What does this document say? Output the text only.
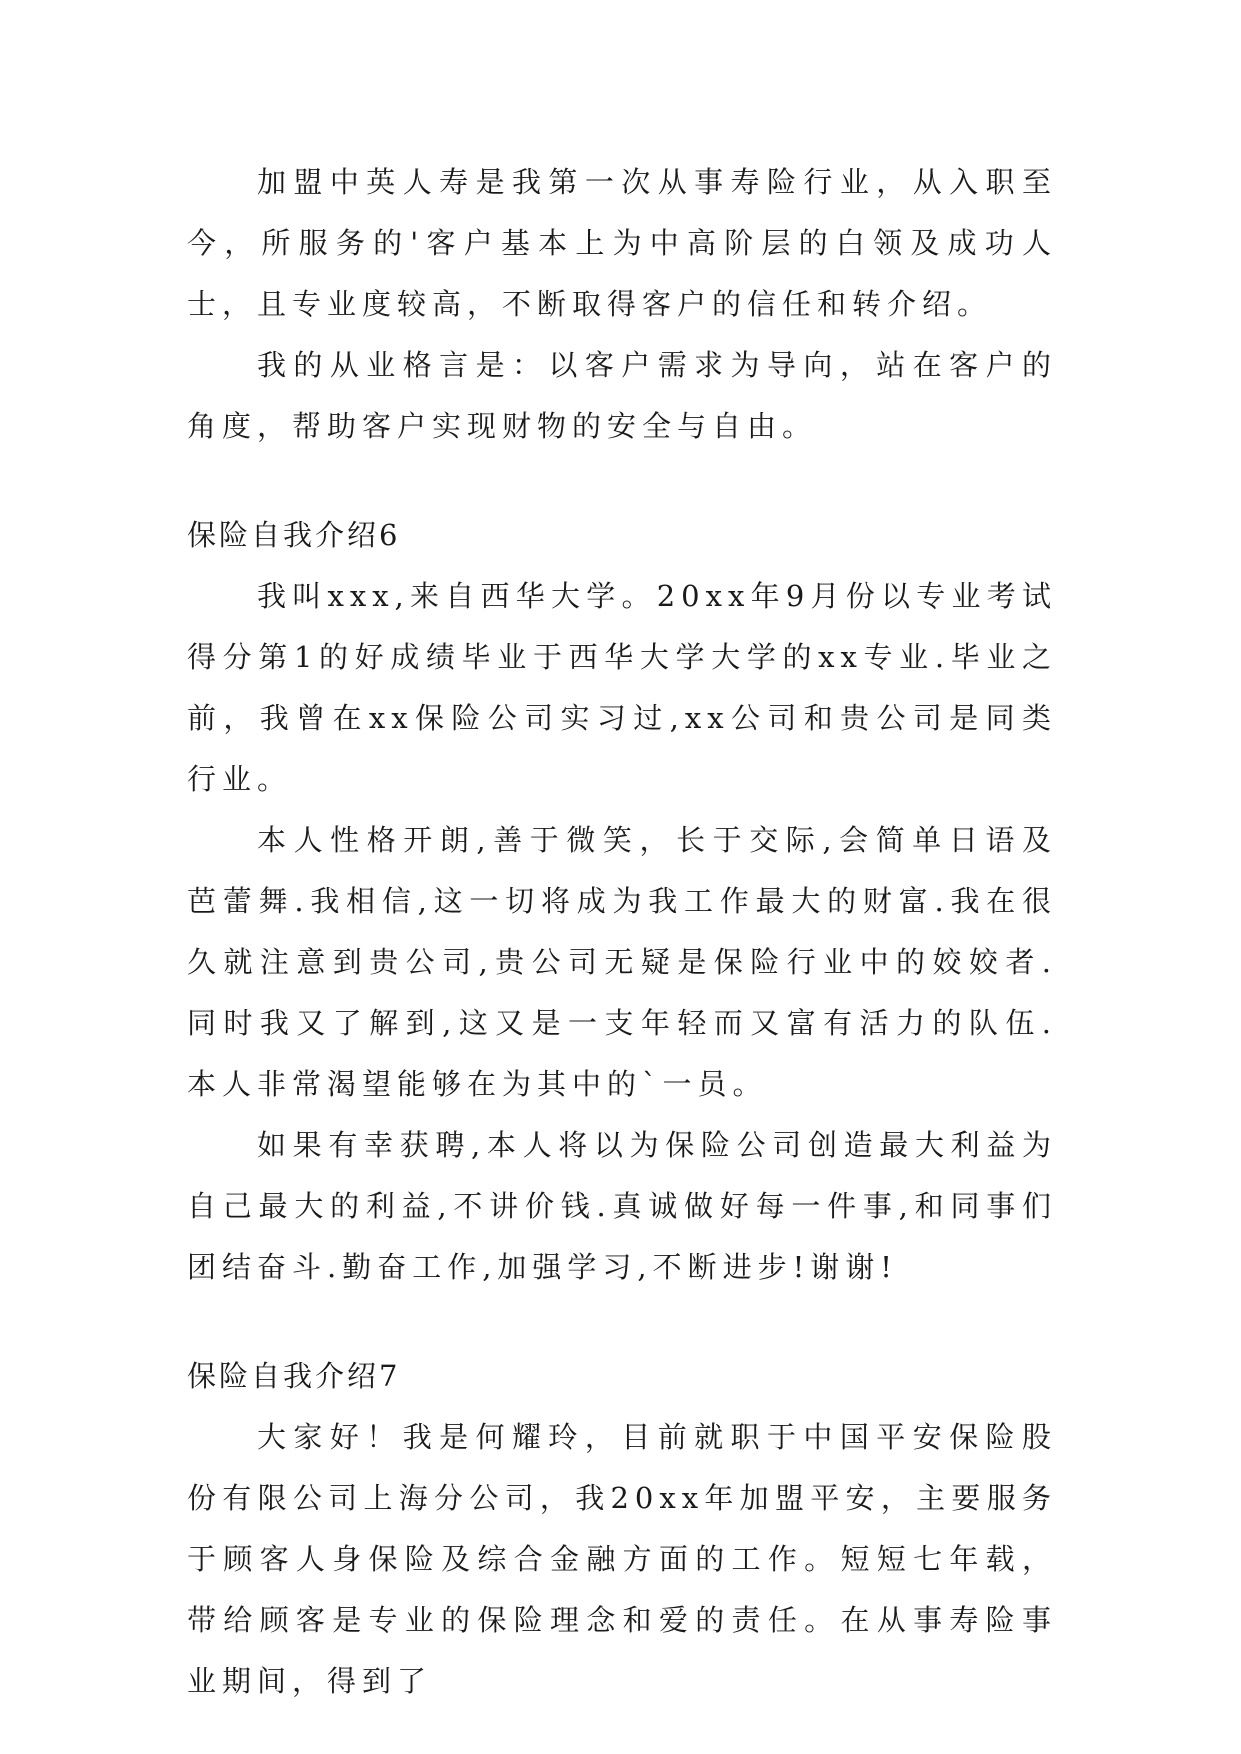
加盟中英人寿是我第一次从事寿险行业，从入职至今，所服务的'客户基本上为中高阶层的白领及成功人士，且专业度较高，不断取得客户的信任和转介绍。

我的从业格言是：以客户需求为导向，站在客户的角度，帮助客户实现财物的安全与自由。

保险自我介绍6

我叫xxx,来自西华大学。20xx年9月份以专业考试得分第1的好成绩毕业于西华大学大学的xx专业.毕业之前，我曾在xx保险公司实习过,xx公司和贵公司是同类行业。

本人性格开朗,善于微笑，长于交际,会简单日语及芭蕾舞.我相信,这一切将成为我工作最大的财富.我在很久就注意到贵公司,贵公司无疑是保险行业中的姣姣者.同时我又了解到,这又是一支年轻而又富有活力的队伍.本人非常渴望能够在为其中的`一员。

如果有幸获聘,本人将以为保险公司创造最大利益为自己最大的利益,不讲价钱.真诚做好每一件事,和同事们团结奋斗.勤奋工作,加强学习,不断进步!谢谢!

保险自我介绍7

大家好！我是何耀玲，目前就职于中国平安保险股份有限公司上海分公司，我20xx年加盟平安，主要服务于顾客人身保险及综合金融方面的工作。短短七年载，带给顾客是专业的保险理念和爱的责任。在从事寿险事业期间，得到了
